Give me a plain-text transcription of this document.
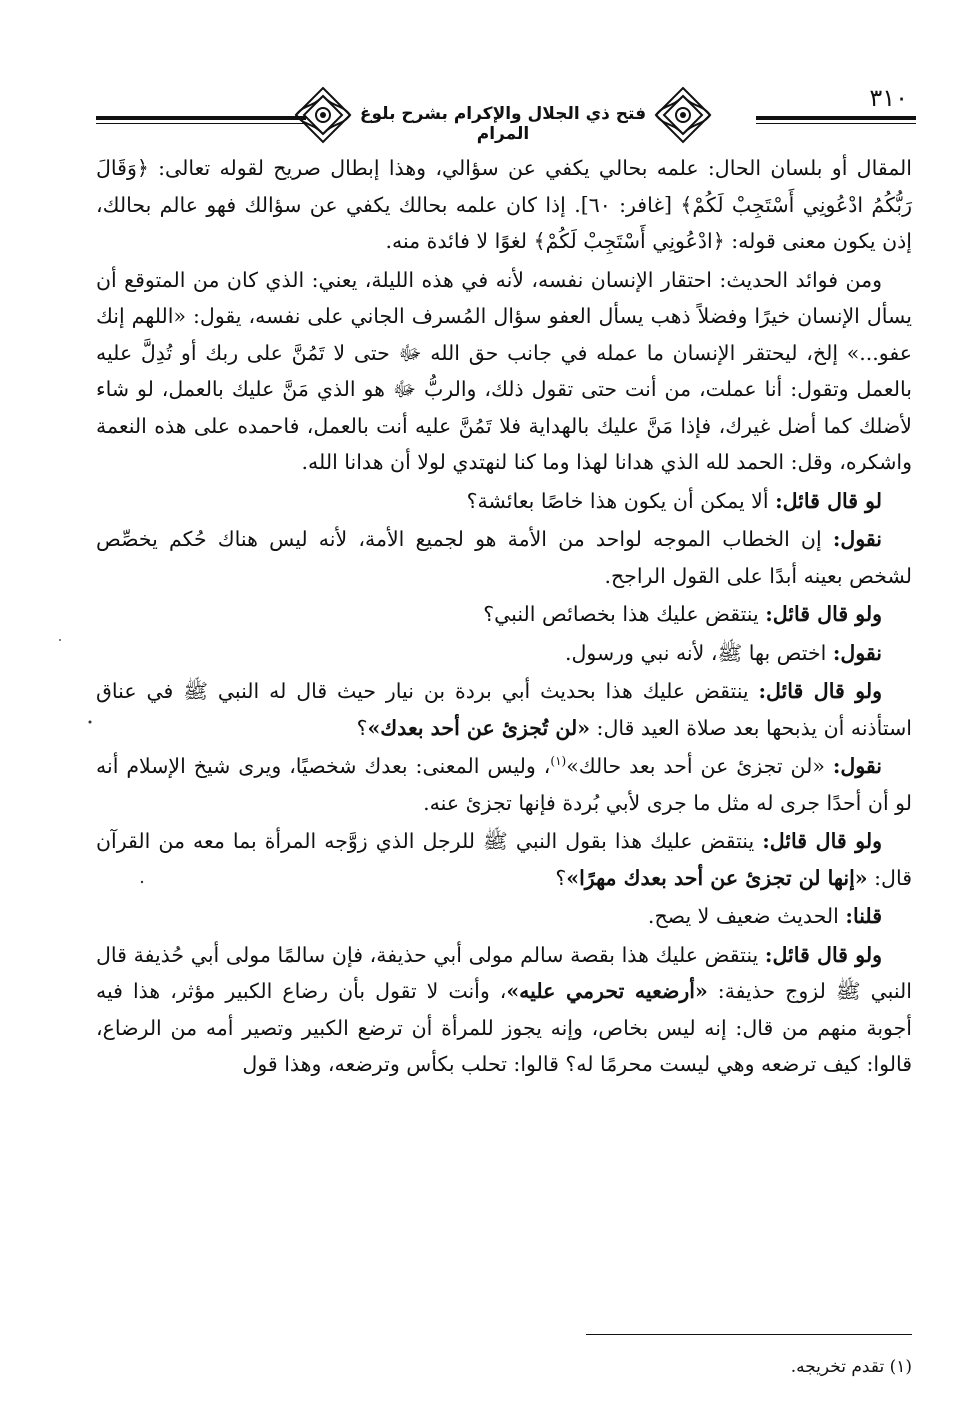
فتح ذي الجلال والإكرام بشرح بلوغ المرام
٣١٠

المقال أو بلسان الحال: علمه بحالي يكفي عن سؤالي، وهذا إبطال صريح لقوله تعالى: ﴿وَقَالَ رَبُّكُمُ ادْعُونِي أَسْتَجِبْ لَكُمْ﴾ [غافر: ٦٠]. إذا كان علمه بحالك يكفي عن سؤالك فهو عالم بحالك، إذن يكون معنى قوله: ﴿ادْعُونِي أَسْتَجِبْ لَكُمْ﴾ لغوًا لا فائدة منه.

ومن فوائد الحديث: احتقار الإنسان نفسه، لأنه في هذه الليلة، يعني: الذي كان من المتوقع أن يسأل الإنسان خيرًا وفضلاً ذهب يسأل العفو سؤال المُسرف الجاني على نفسه، يقول: «اللهم إنك عفو...» إلخ، ليحتقر الإنسان ما عمله في جانب حق الله ﷻ حتى لا تَمُنَّ على ربك أو تُدِلَّ عليه بالعمل وتقول: أنا عملت، من أنت حتى تقول ذلك، والربُّ ﷻ هو الذي مَنَّ عليك بالعمل، لو شاء لأضلك كما أضل غيرك، فإذا مَنَّ عليك بالهداية فلا تَمُنَّ عليه أنت بالعمل، فاحمده على هذه النعمة واشكره، وقل: الحمد لله الذي هدانا لهذا وما كنا لنهتدي لولا أن هدانا الله.

لو قال قائل: ألا يمكن أن يكون هذا خاصًا بعائشة؟

نقول: إن الخطاب الموجه لواحد من الأمة هو لجميع الأمة، لأنه ليس هناك حُكم يخصِّص لشخص بعينه أبدًا على القول الراجح.

ولو قال قائل: ينتقض عليك هذا بخصائص النبي؟

نقول: اختص بها ﷺ، لأنه نبي ورسول.

ولو قال قائل: ينتقض عليك هذا بحديث أبي بردة بن نيار حيث قال له النبي ﷺ في عناق استأذنه أن يذبحها بعد صلاة العيد قال: «لن تُجزئ عن أحد بعدك»؟

نقول: «لن تجزئ عن أحد بعد حالك»$^{(١)}$، وليس المعنى: بعدك شخصيًا، ويرى شيخ الإسلام أنه لو أن أحدًا جرى له مثل ما جرى لأبي بُردة فإنها تجزئ عنه.

ولو قال قائل: ينتقض عليك هذا بقول النبي ﷺ للرجل الذي زوَّجه المرأة بما معه من القرآن قال: «إنها لن تجزئ عن أحد بعدك مهرًا»؟

قلنا: الحديث ضعيف لا يصح.

ولو قال قائل: ينتقض عليك هذا بقصة سالم مولى أبي حذيفة، فإن سالمًا مولى أبي حُذيفة قال النبي ﷺ لزوج حذيفة: «أرضعيه تحرمي عليه»، وأنت لا تقول بأن رضاع الكبير مؤثر، هذا فيه أجوبة منهم من قال: إنه ليس بخاص، وإنه يجوز للمرأة أن ترضع الكبير وتصير أمه من الرضاع، قالوا: كيف ترضعه وهي ليست محرمًا له؟ قالوا: تحلب بكأس وترضعه، وهذا قول

(١) تقدم تخريجه.
